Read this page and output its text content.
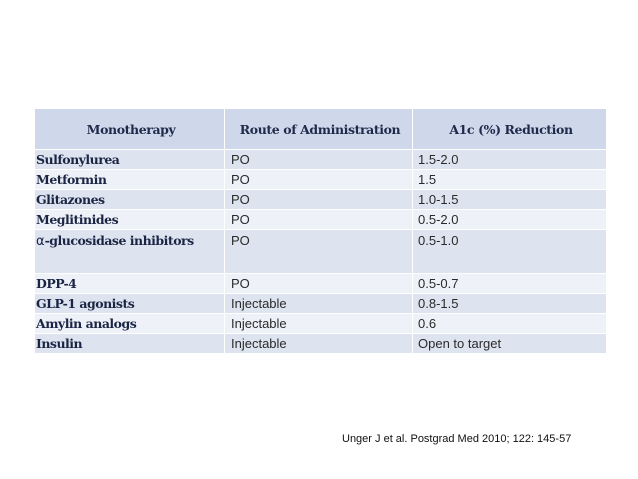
Monotherapy	Route of Administration	A1c (%) Reduction
Sulfonylurea	PO	1.5-2.0
Metformin	PO	1.5
Glitazones	PO	1.0-1.5
Meglitinides	PO	0.5-2.0
α-glucosidase inhibitors	PO	0.5-1.0
DPP-4	PO	0.5-0.7
GLP-1 agonists	Injectable	0.8-1.5
Amylin analogs	Injectable	0.6
Insulin	Injectable	Open to target
Unger J et al. Postgrad Med 2010; 122: 145-57
